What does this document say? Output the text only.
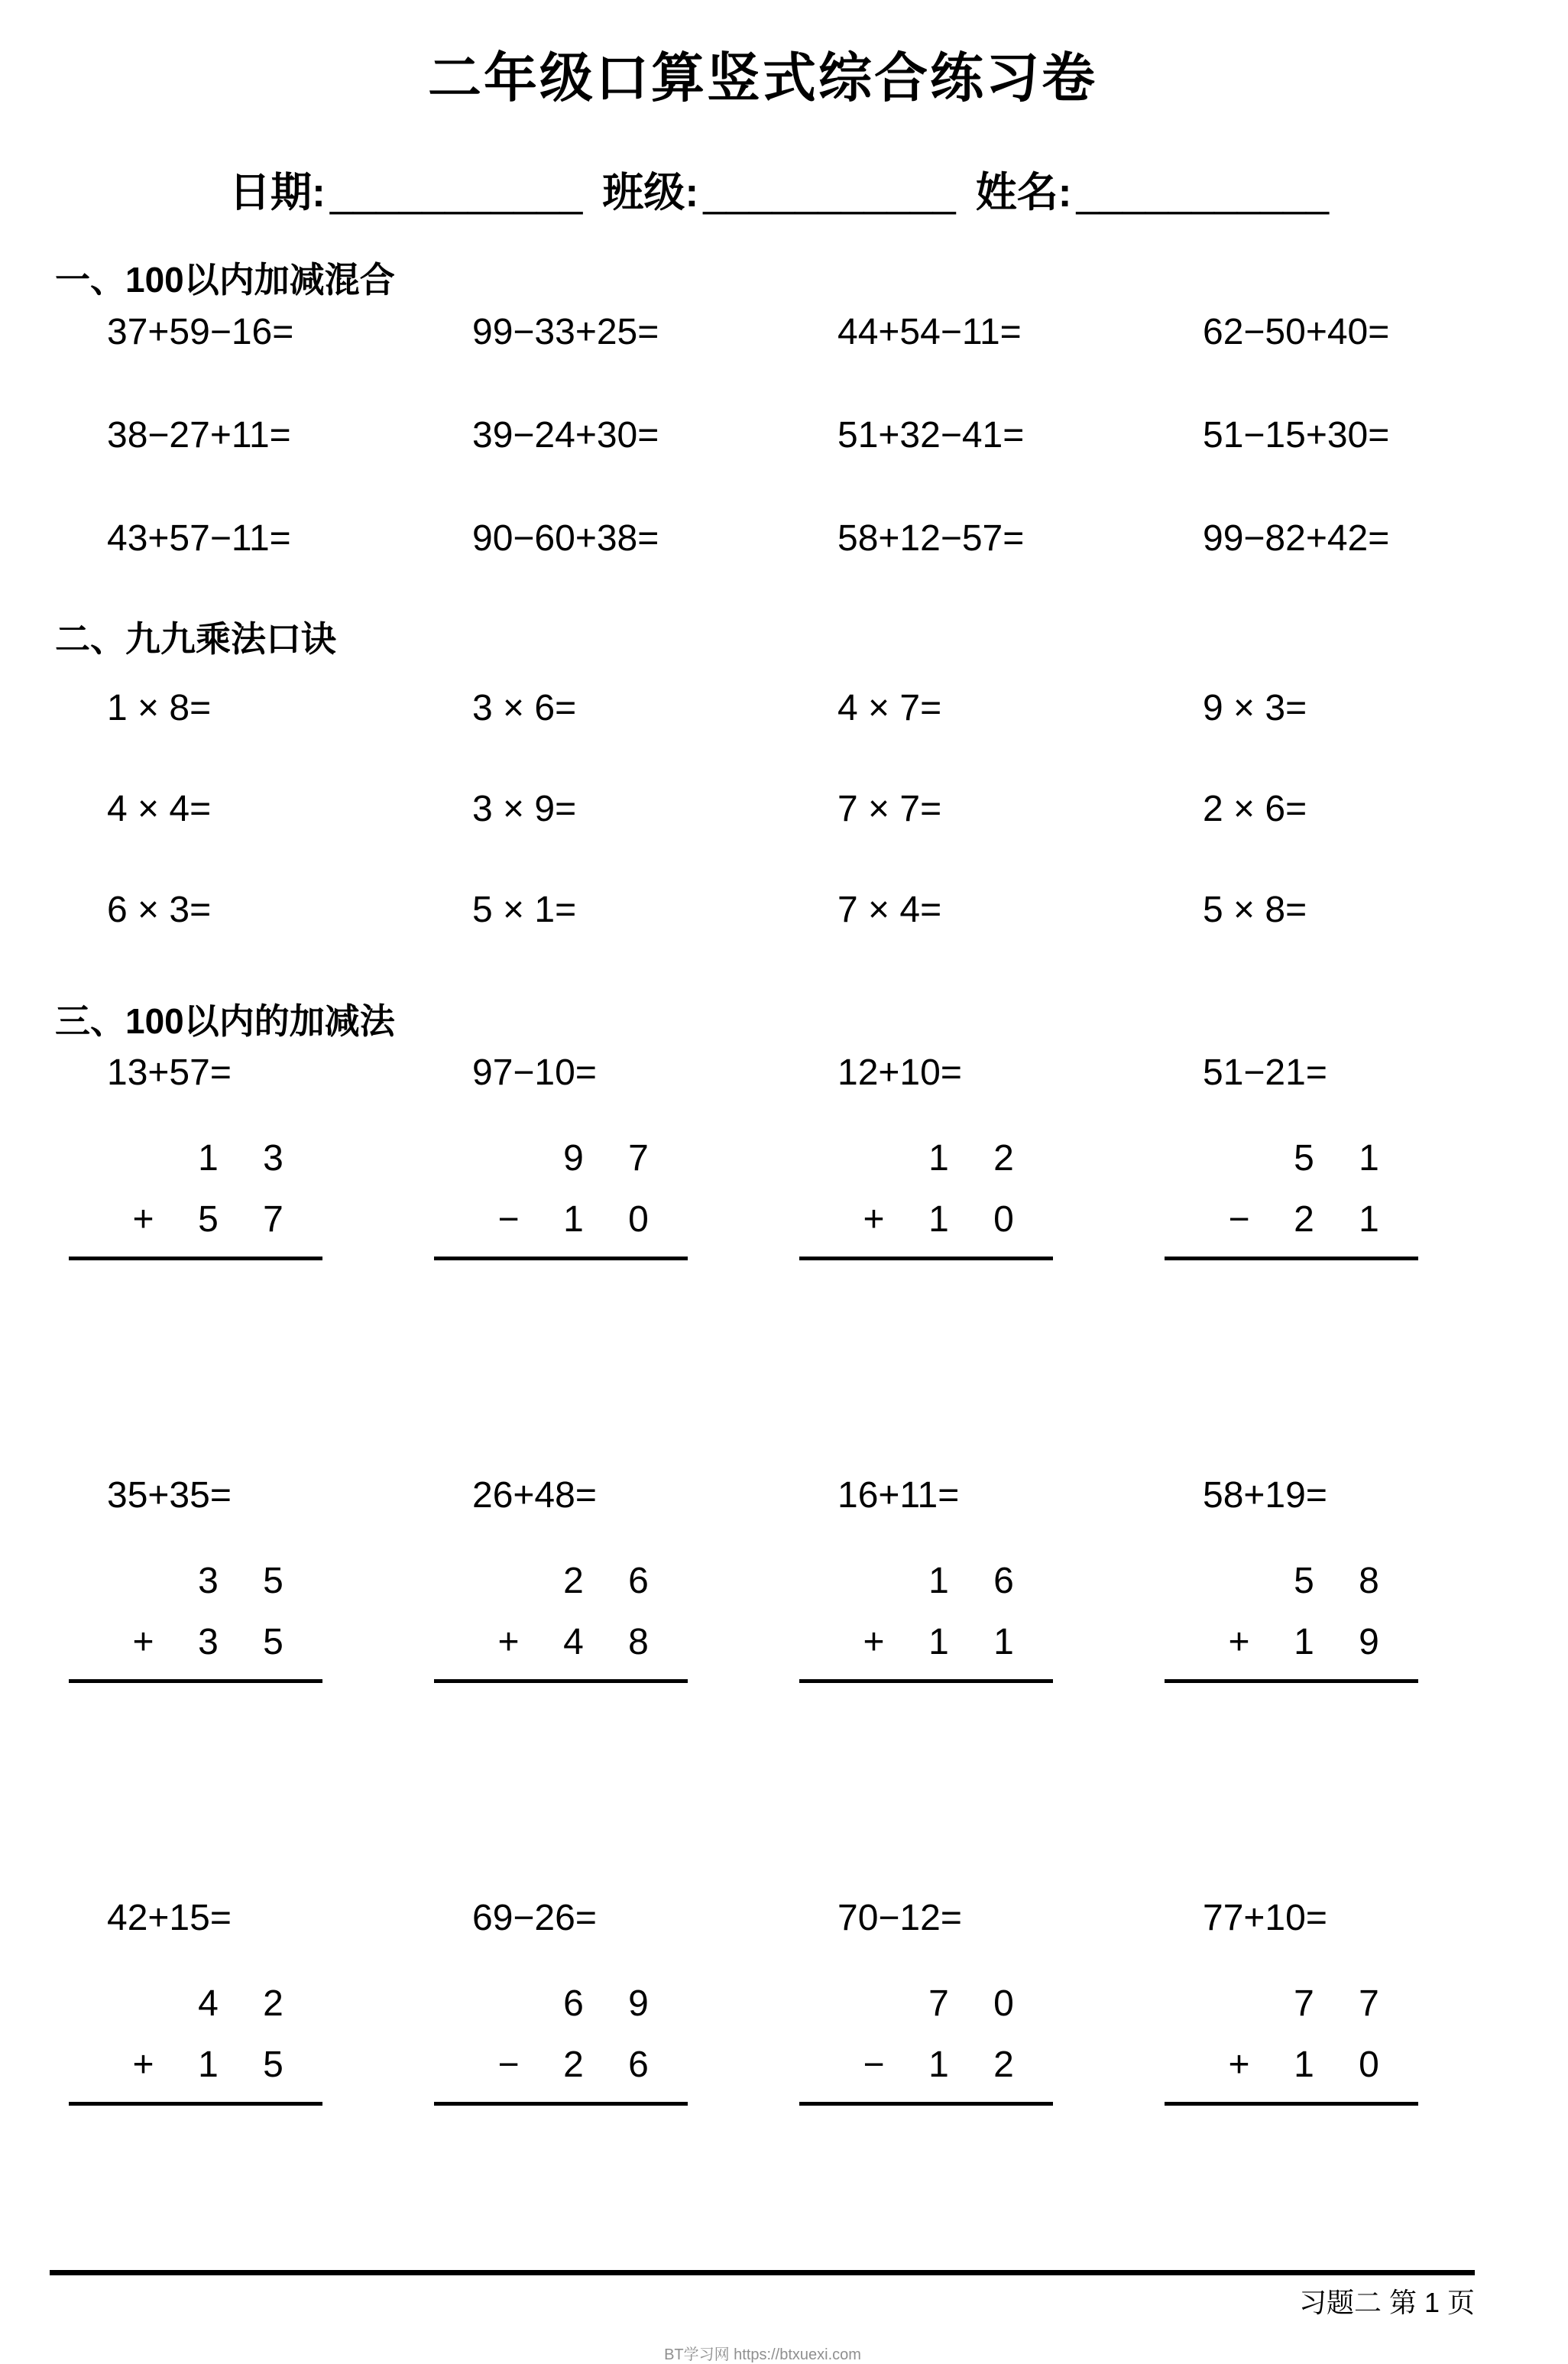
二年级口算竖式综合练习卷
日期: ___________ 班级: ___________ 姓名: ___________
一、100以内加减混合
37+59−16=	99−33+25=	44+54−11=	62−50+40=
38−27+11=	39−24+30=	51+32−41=	51−15+30=
43+57−11=	90−60+38=	58+12−57=	99−82+42=
二、九九乘法口诀
1 × 8=	3 × 6=	4 × 7=	9 × 3=
4 × 4=	3 × 9=	7 × 7=	2 × 6=
6 × 3=	5 × 1=	7 × 4=	5 × 8=
三、100以内的加减法
13+57=	97−10=	12+10=	51−21=
1	3
+	5	7
9	7
−	1	0
1	2
+	1	0
5	1
−	2	1
35+35=	26+48=	16+11=	58+19=
3	5
+	3	5
2	6
+	4	8
1	6
+	1	1
5	8
+	1	9
42+15=	69−26=	70−12=	77+10=
4	2
+	1	5
6	9
−	2	6
7	0
−	1	2
7	7
+	1	0
习题二 第 1 页
BT学习网 https://btxuexi.com
